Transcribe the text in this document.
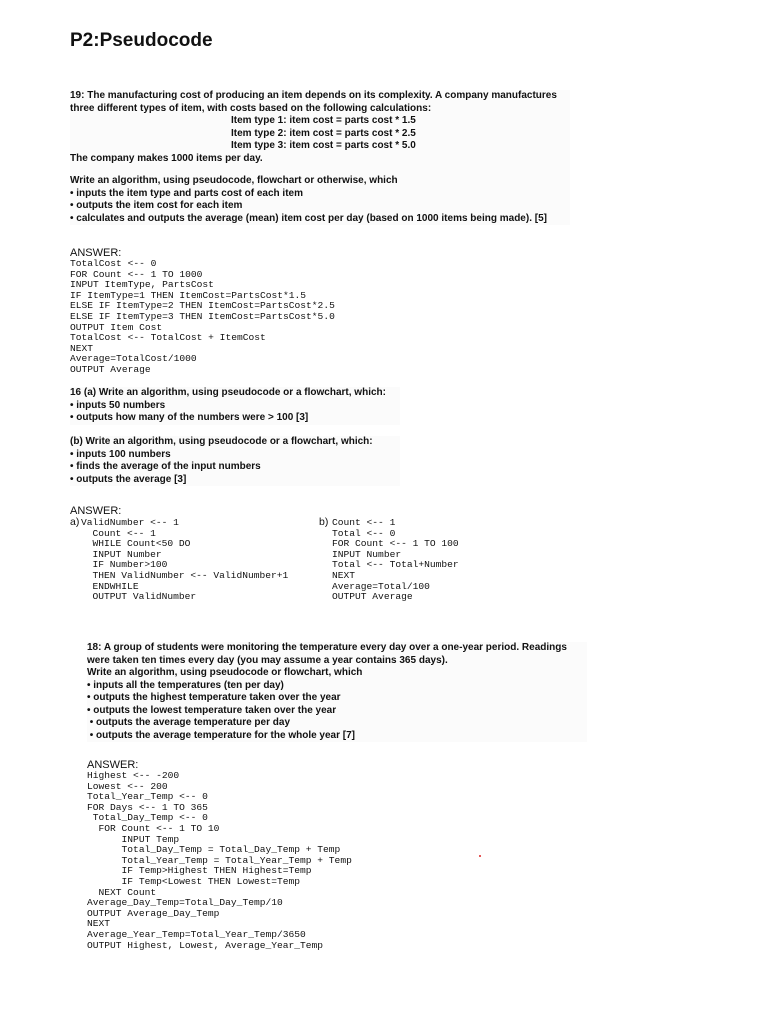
P2:Pseudocode

19: The manufacturing cost of producing an item depends on its complexity. A company manufactures

three different types of item, with costs based on the following calculations:

Item type 1: item cost = parts cost * 1.5

Item type 2: item cost = parts cost * 2.5

Item type 3: item cost = parts cost * 5.0

The company makes 1000 items per day.

Write an algorithm, using pseudocode, flowchart or otherwise, which

• inputs the item type and parts cost of each item

• outputs the item cost for each item

• calculates and outputs the average (mean) item cost per day (based on 1000 items being made). [5]

ANSWER:
TotalCost <-- 0
FOR Count <-- 1 TO 1000
INPUT ItemType, PartsCost
IF ItemType=1 THEN ItemCost=PartsCost*1.5
ELSE IF ItemType=2 THEN ItemCost=PartsCost*2.5
ELSE IF ItemType=3 THEN ItemCost=PartsCost*5.0
OUTPUT Item Cost
TotalCost <-- TotalCost + ItemCost
NEXT
Average=TotalCost/1000
OUTPUT Average

16 (a) Write an algorithm, using pseudocode or a flowchart, which:

• inputs 50 numbers

• outputs how many of the numbers were > 100 [3]

(b) Write an algorithm, using pseudocode or a flowchart, which:

• inputs 100 numbers

• finds the average of the input numbers

• outputs the average [3]

ANSWER:
a) ValidNumber <-- 1
Count <-- 1
WHILE Count<50 DO
INPUT Number
IF Number>100
THEN ValidNumber <-- ValidNumber+1
ENDWHILE
OUTPUT ValidNumber
b) Count <-- 1
Total <-- 0
FOR Count <-- 1 TO 100
INPUT Number
Total <-- Total+Number
NEXT
Average=Total/100
OUTPUT Average

18: A group of students were monitoring the temperature every day over a one-year period. Readings

were taken ten times every day (you may assume a year contains 365 days).

Write an algorithm, using pseudocode or flowchart, which

• inputs all the temperatures (ten per day)

• outputs the highest temperature taken over the year

• outputs the lowest temperature taken over the year

• outputs the average temperature per day

• outputs the average temperature for the whole year [7]

ANSWER:
Highest <-- -200
Lowest <-- 200
Total_Year_Temp <-- 0
FOR Days <-- 1 TO 365
Total_Day_Temp <-- 0
FOR Count <-- 1 TO 10
INPUT Temp
Total_Day_Temp = Total_Day_Temp + Temp
Total_Year_Temp = Total_Year_Temp + Temp
IF Temp>Highest THEN Highest=Temp
IF Temp<Lowest THEN Lowest=Temp
NEXT Count
Average_Day_Temp=Total_Day_Temp/10
OUTPUT Average_Day_Temp
NEXT
Average_Year_Temp=Total_Year_Temp/3650
OUTPUT Highest, Lowest, Average_Year_Temp
